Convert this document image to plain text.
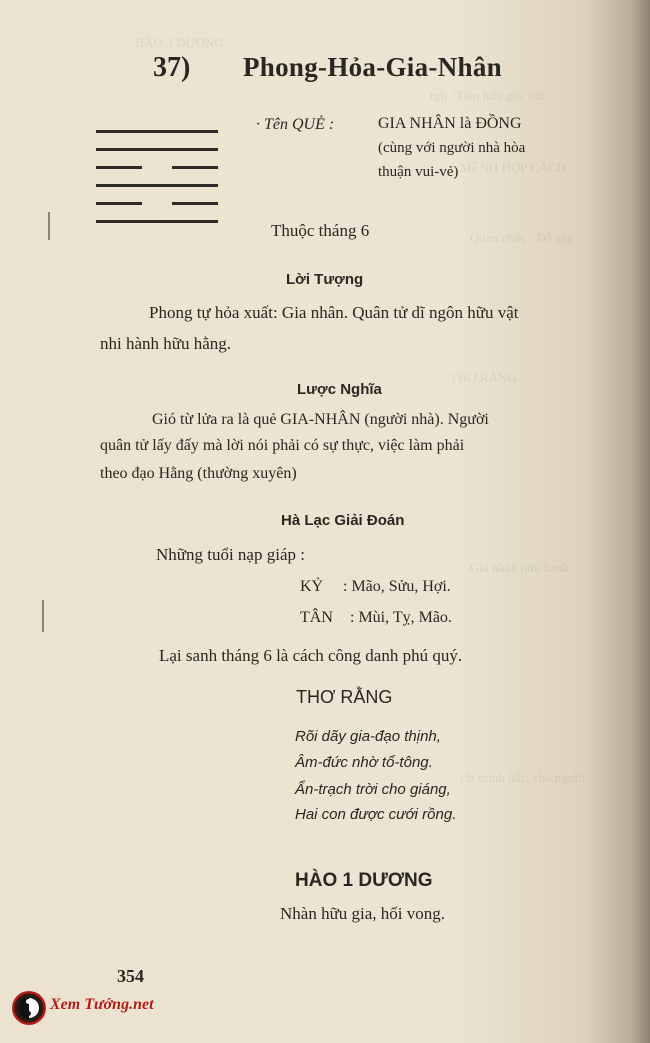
HÀO 3 DƯƠNG
tựu. 'Tiên hữu gia, hối'
MỆNH HỢP CÁCH
Quan chức : Dễ gặp
THƠ RẰNG
Gia nhân hữu hạnh
cắt mình hắc, cho người
37) Phong-Hỏa-Gia-Nhân
· Tên QUẺ :	GIA NHÂN là ĐỒNG
(cùng với người nhà hòa
thuận vui-vẻ)
Thuộc tháng 6
Lời Tượng
Phong tự hỏa xuất: Gia nhân. Quân tử dĩ ngôn hữu vật
nhi hành hữu hằng.
Lược Nghĩa
Gió từ lửa ra là quẻ GIA-NHÂN (người nhà). Người
quân tử lấy đấy mà lời nói phải có sự thực, việc làm phải
theo đạo Hằng (thường xuyên)
Hà Lạc Giải Đoán
Những tuổi nạp giáp :
KỶ : Mão, Sửu, Hợi.
TÂN : Mùi, Tỵ, Mão.
Lại sanh tháng 6 là cách công danh phú quý.
THƠ RẰNG
Rõi dãy gia-đạo thịnh,
Âm-đức nhờ tổ-tông.
Ẩn-trạch trời cho giáng,
Hai con được cưới rồng.
HÀO 1 DƯƠNG
Nhàn hữu gia, hối vong.
354
Xem Tướng.net
